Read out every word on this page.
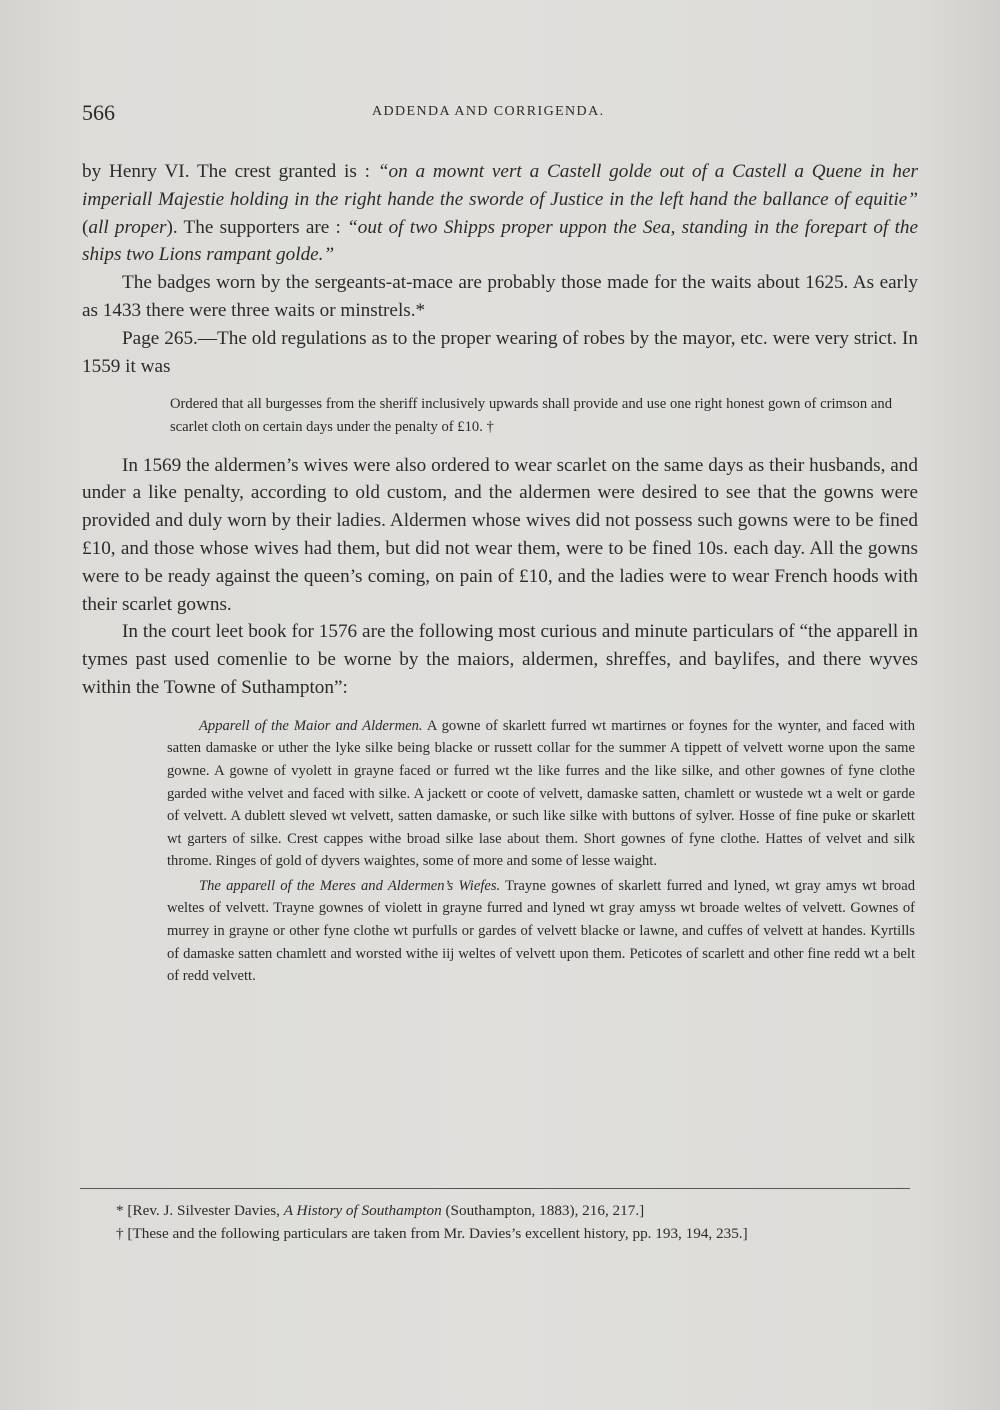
566	ADDENDA AND CORRIGENDA.

by Henry VI. The crest granted is : “on a mownt vert a Castell golde out of a Castell a Quene in her imperiall Majestie holding in the right hande the sworde of Justice in the left hand the ballance of equitie” (all proper). The supporters are : “out of two Shipps proper uppon the Sea, standing in the forepart of the ships two Lions rampant golde.”

The badges worn by the sergeants-at-mace are probably those made for the waits about 1625. As early as 1433 there were three waits or minstrels.*

Page 265.—The old regulations as to the proper wearing of robes by the mayor, etc. were very strict. In 1559 it was

Ordered that all burgesses from the sheriff inclusively upwards shall provide and use one right honest gown of crimson and scarlet cloth on certain days under the penalty of £10. †

In 1569 the aldermen’s wives were also ordered to wear scarlet on the same days as their husbands, and under a like penalty, according to old custom, and the aldermen were desired to see that the gowns were provided and duly worn by their ladies. Aldermen whose wives did not possess such gowns were to be fined £10, and those whose wives had them, but did not wear them, were to be fined 10s. each day. All the gowns were to be ready against the queen’s coming, on pain of £10, and the ladies were to wear French hoods with their scarlet gowns.

In the court leet book for 1576 are the following most curious and minute particulars of “the apparell in tymes past used comenlie to be worne by the maiors, aldermen, shreffes, and baylifes, and there wyves within the Towne of Suthampton”:

Apparell of the Maior and Aldermen. A gowne of skarlett furred wt martirnes or foynes for the wynter, and faced with satten damaske or uther the lyke silke being blacke or russett collar for the summer A tippett of velvett worne upon the same gowne. A gowne of vyolett in grayne faced or furred wt the like furres and the like silke, and other gownes of fyne clothe garded withe velvet and faced with silke. A jackett or coote of velvett, damaske satten, chamlett or wustede wt a welt or garde of velvett. A dublett sleved wt velvett, satten damaske, or such like silke with buttons of sylver. Hosse of fine puke or skarlett wt garters of silke. Crest cappes withe broad silke lase about them. Short gownes of fyne clothe. Hattes of velvet and silk throme. Ringes of gold of dyvers waightes, some of more and some of lesse waight.

The apparell of the Meres and Aldermen’s Wiefes. Trayne gownes of skarlett furred and lyned, wt gray amys wt broad weltes of velvett. Trayne gownes of violett in grayne furred and lyned wt gray amyss wt broade weltes of velvett. Gownes of murrey in grayne or other fyne clothe wt purfulls or gardes of velvett blacke or lawne, and cuffes of velvett at handes. Kyrtills of damaske satten chamlett and worsted withe iij weltes of velvett upon them. Peticotes of scarlett and other fine redd wt a belt of redd velvett.

* [Rev. J. Silvester Davies, A History of Southampton (Southampton, 1883), 216, 217.]

† [These and the following particulars are taken from Mr. Davies’s excellent history, pp. 193, 194, 235.]
